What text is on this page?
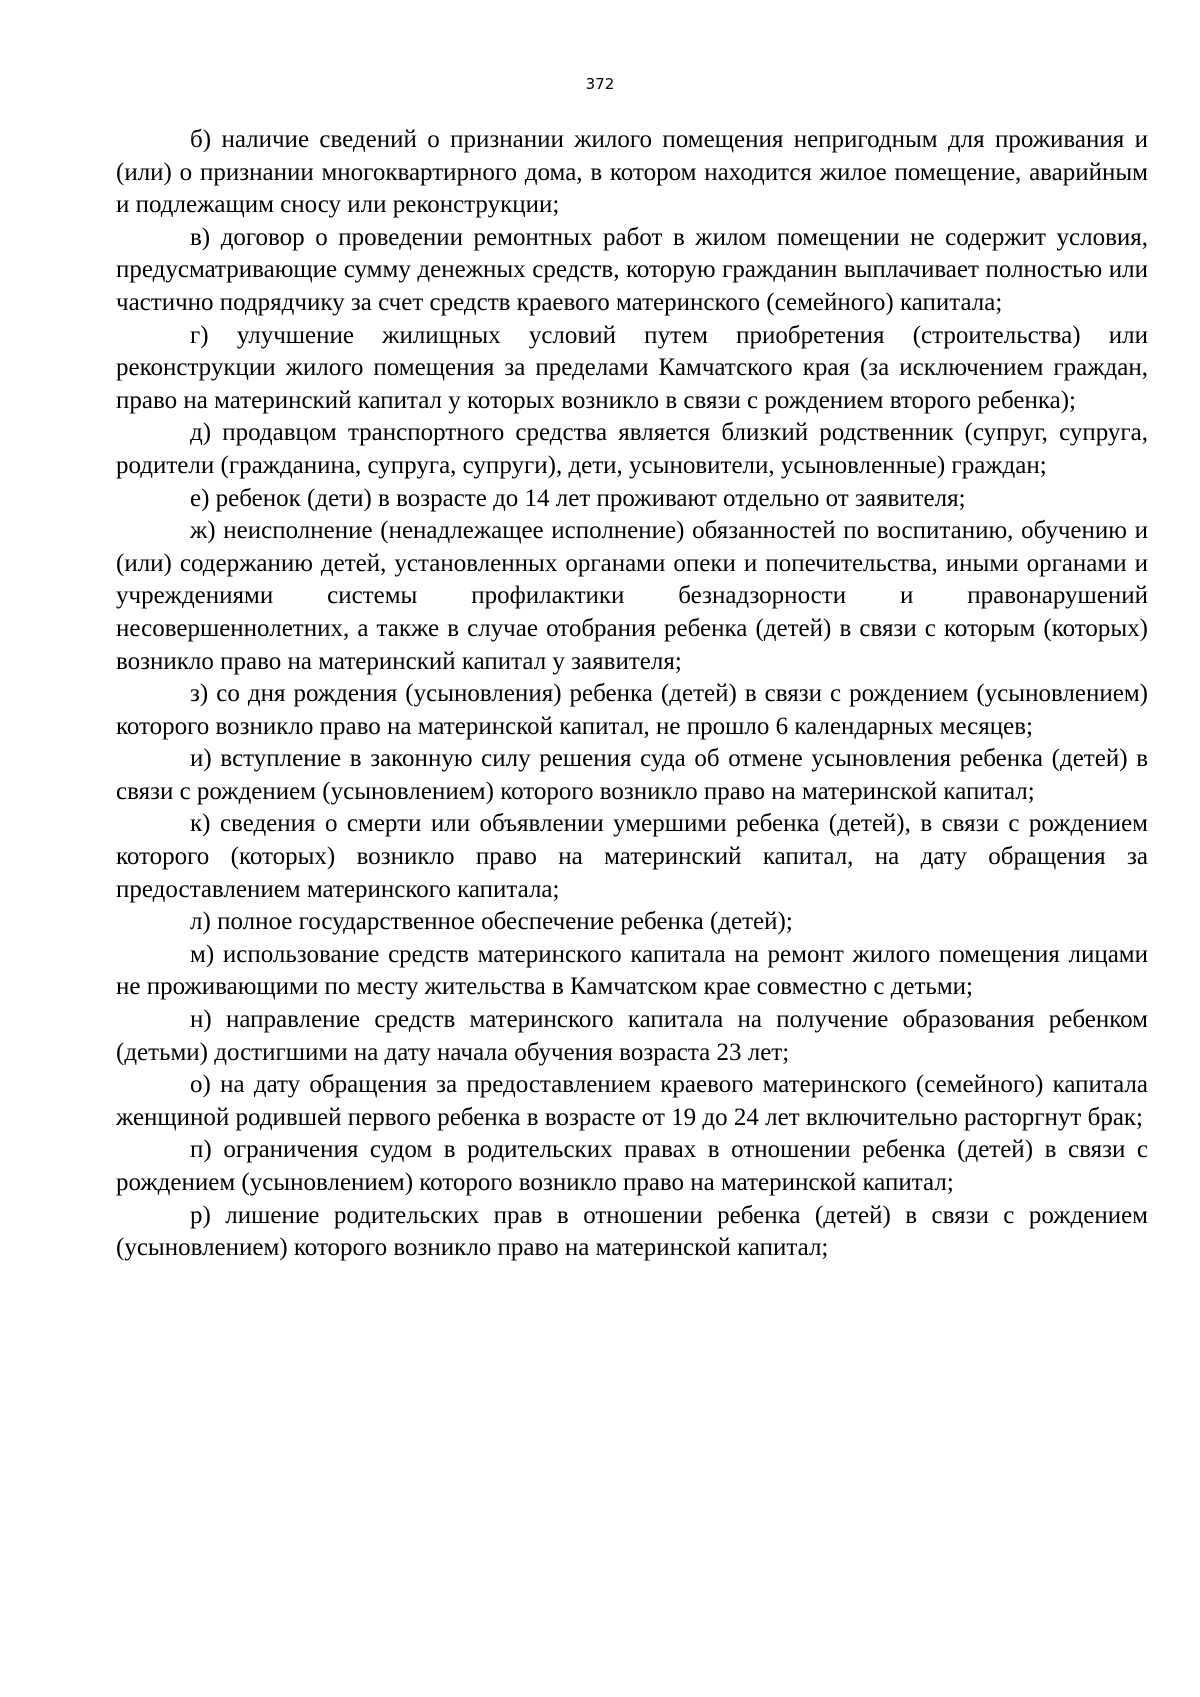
372

б) наличие сведений о признании жилого помещения непригодным для проживания и (или) о признании многоквартирного дома, в котором находится жилое помещение, аварийным и подлежащим сносу или реконструкции;

в) договор о проведении ремонтных работ в жилом помещении не содержит условия, предусматривающие сумму денежных средств, которую гражданин выплачивает полностью или частично подрядчику за счет средств краевого материнского (семейного) капитала;

г) улучшение жилищных условий путем приобретения (строительства) или реконструкции жилого помещения за пределами Камчатского края (за исключением граждан, право на материнский капитал у которых возникло в связи с рождением второго ребенка);

д) продавцом транспортного средства является близкий родственник (супруг, супруга, родители (гражданина, супруга, супруги), дети, усыновители, усыновленные) граждан;

е) ребенок (дети) в возрасте до 14 лет проживают отдельно от заявителя;

ж) неисполнение (ненадлежащее исполнение) обязанностей по воспитанию, обучению и (или) содержанию детей, установленных органами опеки и попечительства, иными органами и учреждениями системы профилактики безнадзорности и правонарушений несовершеннолетних, а также в случае отобрания ребенка (детей) в связи с которым (которых) возникло право на материнский капитал у заявителя;

з) со дня рождения (усыновления) ребенка (детей) в связи с рождением (усыновлением) которого возникло право на материнской капитал, не прошло 6 календарных месяцев;

и) вступление в законную силу решения суда об отмене усыновления ребенка (детей) в связи с рождением (усыновлением) которого возникло право на материнской капитал;

к) сведения о смерти или объявлении умершими ребенка (детей), в связи с рождением которого (которых) возникло право на материнский капитал, на дату обращения за предоставлением материнского капитала;

л) полное государственное обеспечение ребенка (детей);

м) использование средств материнского капитала на ремонт жилого помещения лицами не проживающими по месту жительства в Камчатском крае совместно с детьми;

н) направление средств материнского капитала на получение образования ребенком (детьми) достигшими на дату начала обучения возраста 23 лет;

о) на дату обращения за предоставлением краевого материнского (семейного) капитала женщиной родившей первого ребенка в возрасте от 19 до 24 лет включительно расторгнут брак;

п) ограничения судом в родительских правах в отношении ребенка (детей) в связи с рождением (усыновлением) которого возникло право на материнской капитал;

р) лишение родительских прав в отношении ребенка (детей) в связи с рождением (усыновлением) которого возникло право на материнской капитал;
